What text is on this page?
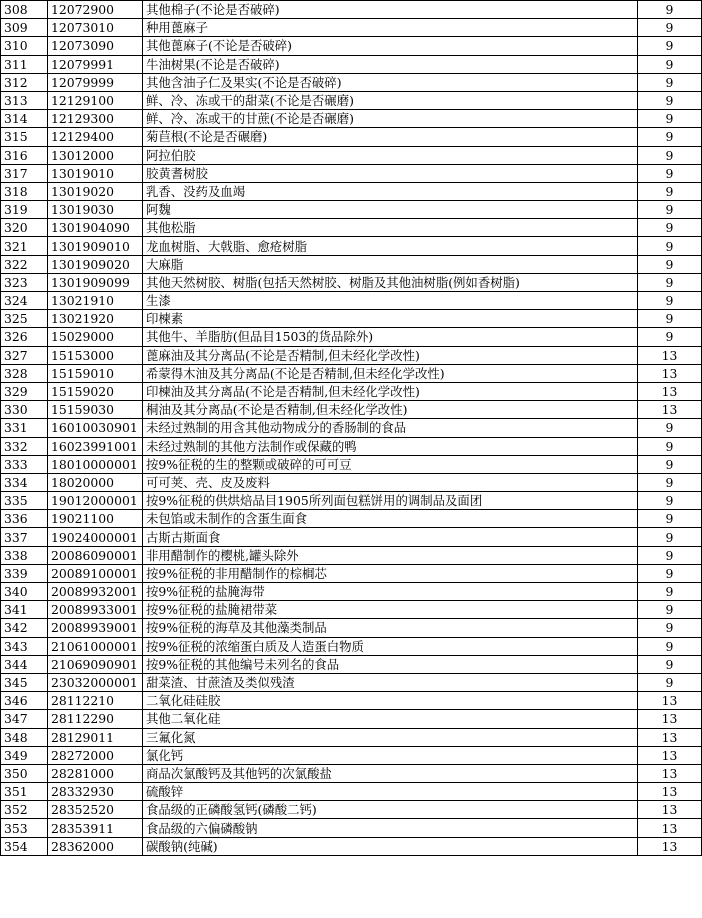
308	12072900	其他棉子(不论是否破碎)	9
309	12073010	种用蓖麻子	9
310	12073090	其他蓖麻子(不论是否破碎)	9
311	12079991	牛油树果(不论是否破碎)	9
312	12079999	其他含油子仁及果实(不论是否破碎)	9
313	12129100	鲜、冷、冻或干的甜菜(不论是否碾磨)	9
314	12129300	鲜、冷、冻或干的甘蔗(不论是否碾磨)	9
315	12129400	菊苣根(不论是否碾磨)	9
316	13012000	阿拉伯胶	9
317	13019010	胶黄耆树胶	9
318	13019020	乳香、没药及血竭	9
319	13019030	阿魏	9
320	1301904090	其他松脂	9
321	1301909010	龙血树脂、大戟脂、愈疮树脂	9
322	1301909020	大麻脂	9
323	1301909099	其他天然树胶、树脂(包括天然树胶、树脂及其他油树脂(例如香树脂)	9
324	13021910	生漆	9
325	13021920	印楝素	9
326	15029000	其他牛、羊脂肪(但品目1503的货品除外)	9
327	15153000	蓖麻油及其分离品(不论是否精制,但未经化学改性)	13
328	15159010	希蒙得木油及其分离品(不论是否精制,但未经化学改性)	13
329	15159020	印楝油及其分离品(不论是否精制,但未经化学改性)	13
330	15159030	桐油及其分离品(不论是否精制,但未经化学改性)	13
331	16010030901	未经过熟制的用含其他动物成分的香肠制的食品	9
332	16023991001	未经过熟制的其他方法制作或保藏的鸭	9
333	18010000001	按9%征税的生的整颗或破碎的可可豆	9
334	18020000	可可荚、壳、皮及废料	9
335	19012000001	按9%征税的供烘焙品目1905所列面包糕饼用的调制品及面团	9
336	19021100	未包馅或未制作的含蛋生面食	9
337	19024000001	古斯古斯面食	9
338	20086090001	非用醋制作的樱桃,罐头除外	9
339	20089100001	按9%征税的非用醋制作的棕榈芯	9
340	20089932001	按9%征税的盐腌海带	9
341	20089933001	按9%征税的盐腌裙带菜	9
342	20089939001	按9%征税的海草及其他藻类制品	9
343	21061000001	按9%征税的浓缩蛋白质及人造蛋白物质	9
344	21069090901	按9%征税的其他编号未列名的食品	9
345	23032000001	甜菜渣、甘蔗渣及类似残渣	9
346	28112210	二氧化硅硅胶	13
347	28112290	其他二氧化硅	13
348	28129011	三氟化氮	13
349	28272000	氯化钙	13
350	28281000	商品次氯酸钙及其他钙的次氯酸盐	13
351	28332930	硫酸锌	13
352	28352520	食品级的正磷酸氢钙(磷酸二钙)	13
353	28353911	食品级的六偏磷酸钠	13
354	28362000	碳酸钠(纯碱)	13
